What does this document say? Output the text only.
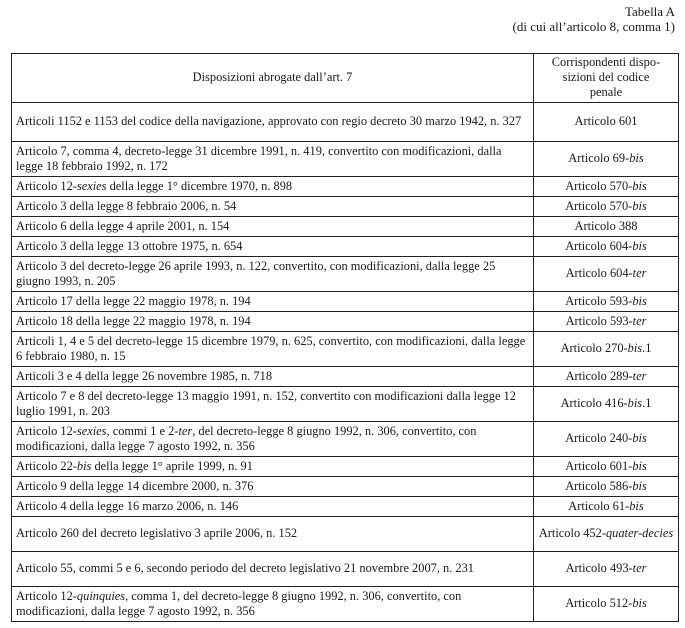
Tabella A
(di cui all’articolo 8, comma 1)
Disposizioni abrogate dall’art. 7	Corrispondenti dispo-
sizioni del codice
penale

Articoli 1152 e 1153 del codice della navigazione, approvato con regio decreto 30 marzo 1942, n. 327	Articolo 601
Articolo 7, comma 4, decreto-legge 31 dicembre 1991, n. 419, convertito con modificazioni, dalla legge 18 febbraio 1992, n. 172	Articolo 69-bis
Articolo 12-sexies della legge 1° dicembre 1970, n. 898	Articolo 570-bis
Articolo 3 della legge 8 febbraio 2006, n. 54	Articolo 570-bis
Articolo 6 della legge 4 aprile 2001, n. 154	Articolo 388
Articolo 3 della legge 13 ottobre 1975, n. 654	Articolo 604-bis
Articolo 3 del decreto-legge 26 aprile 1993, n. 122, convertito, con modificazioni, dalla legge 25 giugno 1993, n. 205	Articolo 604-ter
Articolo 17 della legge 22 maggio 1978, n. 194	Articolo 593-bis
Articolo 18 della legge 22 maggio 1978, n. 194	Articolo 593-ter
Articoli 1, 4 e 5 del decreto-legge 15 dicembre 1979, n. 625, convertito, con modificazioni, dalla legge 6 febbraio 1980, n. 15	Articolo 270-bis.1
Articoli 3 e 4 della legge 26 novembre 1985, n. 718	Articolo 289-ter
Articolo 7 e 8 del decreto-legge 13 maggio 1991, n. 152, convertito con modificazioni dalla legge 12 luglio 1991, n. 203	Articolo 416-bis.1
Articolo 12-sexies, commi 1 e 2-ter, del decreto-legge 8 giugno 1992, n. 306, convertito, con modificazioni, dalla legge 7 agosto 1992, n. 356	Articolo 240-bis
Articolo 22-bis della legge 1° aprile 1999, n. 91	Articolo 601-bis
Articolo 9 della legge 14 dicembre 2000, n. 376	Articolo 586-bis
Articolo 4 della legge 16 marzo 2006, n. 146	Articolo 61-bis
Articolo 260 del decreto legislativo 3 aprile 2006, n. 152	Articolo 452-quater-decies
Articolo 55, commi 5 e 6, secondo periodo del decreto legislativo 21 novembre 2007, n. 231	Articolo 493-ter
Articolo 12-quinquies, comma 1, del decreto-legge 8 giugno 1992, n. 306, convertito, con modificazioni, dalla legge 7 agosto 1992, n. 356	Articolo 512-bis
